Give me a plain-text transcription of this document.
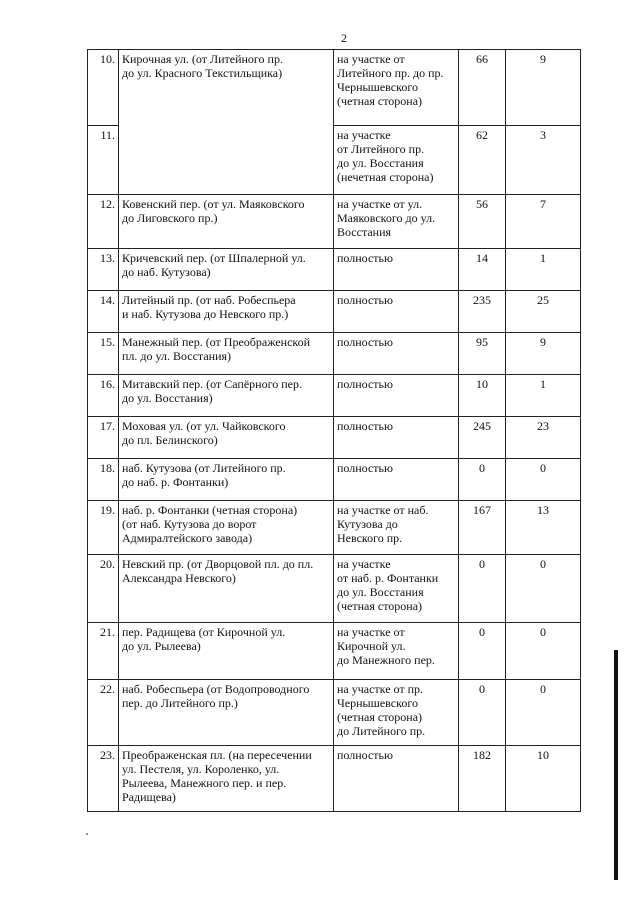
2
10.	Кирочная ул. (от Литейного пр.
до ул. Красного Текстильщика)	на участке от
Литейного пр. до пр.
Чернышевского
(четная сторона)	66	9
11.		на участке
от Литейного пр.
до ул. Восстания
(нечетная сторона)	62	3
12.	Ковенский пер. (от ул. Маяковского
до Лиговского пр.)	на участке от ул.
Маяковского до ул.
Восстания	56	7
13.	Кричевский пер. (от Шпалерной ул.
до наб. Кутузова)	полностью	14	1
14.	Литейный пр. (от наб. Робеспьера
и наб. Кутузова до Невского пр.)	полностью	235	25
15.	Манежный пер. (от Преображенской
пл. до ул. Восстания)	полностью	95	9
16.	Митавский пер. (от Сапёрного пер.
до ул. Восстания)	полностью	10	1
17.	Моховая ул. (от ул. Чайковского
до пл. Белинского)	полностью	245	23
18.	наб. Кутузова (от Литейного пр.
до наб. р. Фонтанки)	полностью	0	0
19.	наб. р. Фонтанки (четная сторона)
(от наб. Кутузова до ворот
Адмиралтейского завода)	на участке от наб.
Кутузова до
Невского пр.	167	13
20.	Невский пр. (от Дворцовой пл. до пл.
Александра Невского)	на участке
от наб. р. Фонтанки
до ул. Восстания
(четная сторона)	0	0
21.	пер. Радищева (от Кирочной ул.
до ул. Рылеева)	на участке от
Кирочной ул.
до Манежного пер.	0	0
22.	наб. Робеспьера (от Водопроводного
пер. до Литейного пр.)	на участке от пр.
Чернышевского
(четная сторона)
до Литейного пр.	0	0
23.	Преображенская пл. (на пересечении
ул. Пестеля, ул. Короленко, ул.
Рылеева, Манежного пер. и пер.
Радищева)	полностью	182	10
